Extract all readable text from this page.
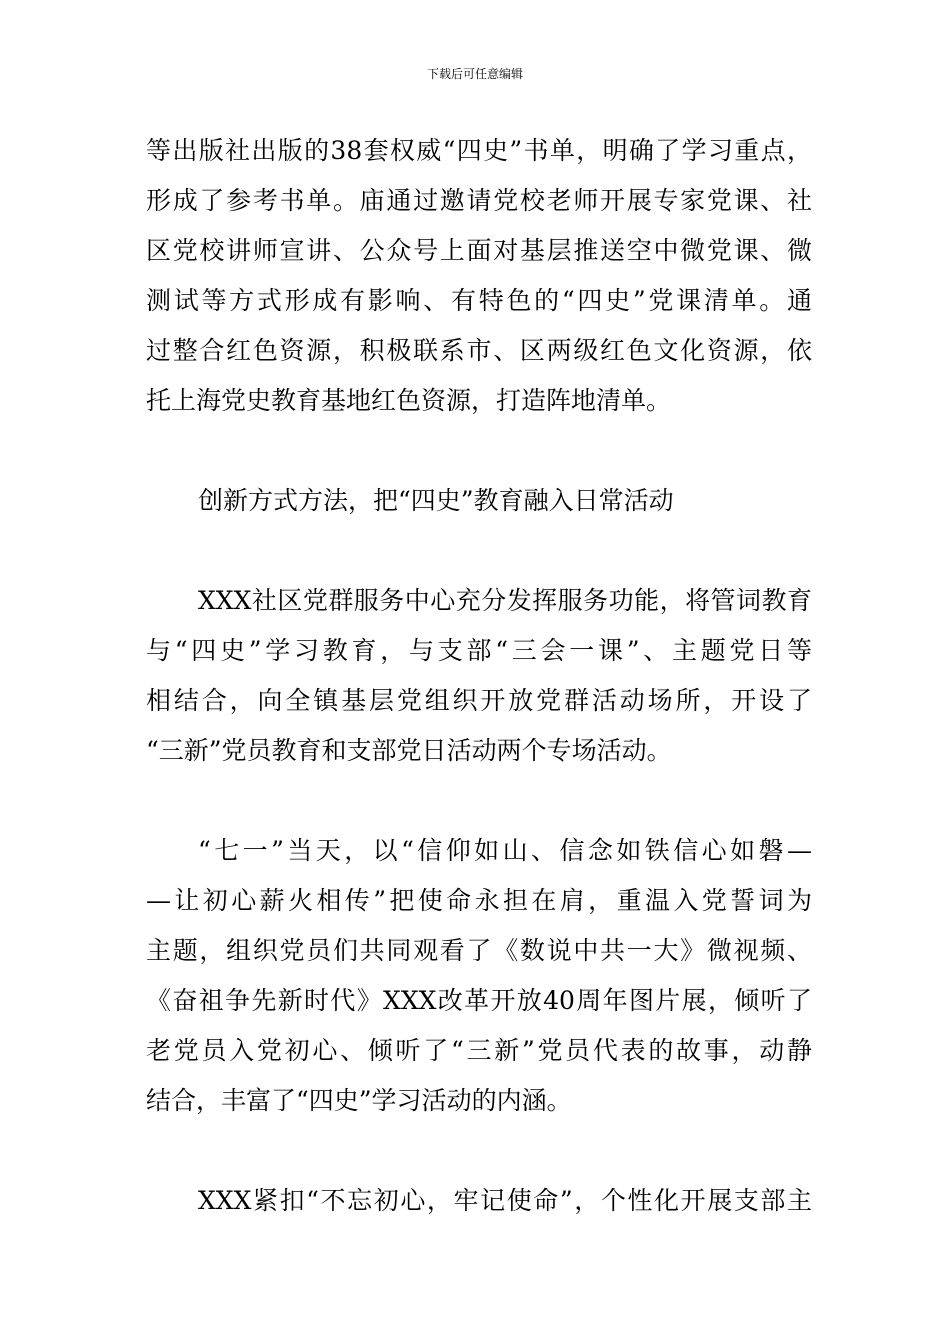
下载后可任意编辑
等出版社出版的38套权威“四史”书单，明确了学习重点，
形成了参考书单。庙通过邀请党校老师开展专家党课、社
区党校讲师宣讲、公众号上面对基层推送空中微党课、微
测试等方式形成有影响、有特色的“四史”党课清单。通
过整合红色资源，积极联系市、区两级红色文化资源，依
托上海党史教育基地红色资源，打造阵地清单。
创新方式方法，把“四史”教育融入日常活动
XXX社区党群服务中心充分发挥服务功能，将管词教育
与“四史”学习教育，与支部“三会一课”、主题党日等
相结合，向全镇基层党组织开放党群活动场所，开设了
“三新”党员教育和支部党日活动两个专场活动。
“七一”当天，以“信仰如山、信念如铁信心如磐—
—让初心薪火相传”把使命永担在肩，重温入党誓词为
主题，组织党员们共同观看了《数说中共一大》微视频、
《奋祖争先新时代》XXX改革开放40周年图片展，倾听了
老党员入党初心、倾听了“三新”党员代表的故事，动静
结合，丰富了“四史”学习活动的内涵。
XXX紧扣“不忘初心，牢记使命”，个性化开展支部主
